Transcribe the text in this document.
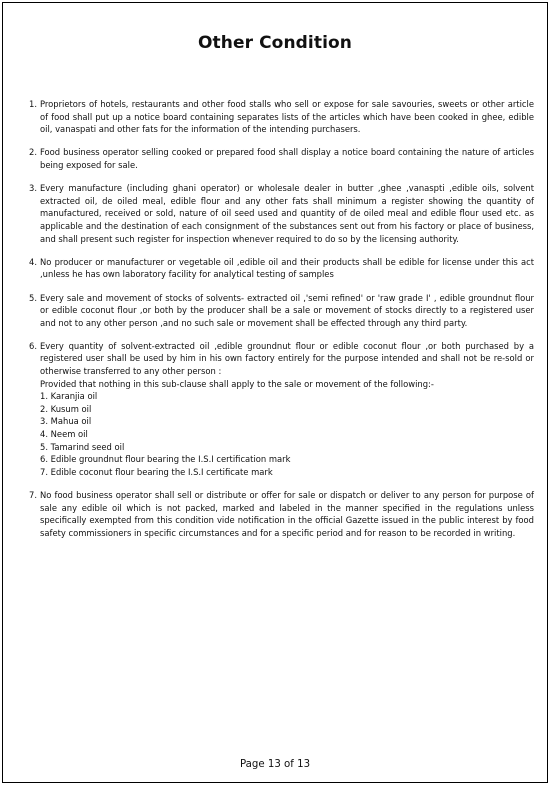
Other Condition
1. Proprietors of hotels, restaurants and other food stalls who sell or expose for sale savouries, sweets or other article of food shall put up a notice board containing separates lists of the articles which have been cooked in ghee, edible oil, vanaspati and other fats for the information of the intending purchasers.

2. Food business operator selling cooked or prepared food shall display a notice board containing the nature of articles being exposed for sale.

3. Every manufacture (including ghani operator) or wholesale dealer in butter ,ghee ,vanaspti ,edible oils, solvent extracted oil, de oiled meal, edible flour and any other fats shall minimum a register showing the quantity of manufactured, received or sold, nature of oil seed used and quantity of de oiled meal and edible flour used etc. as applicable and the destination of each consignment of the substances sent out from his factory or place of business, and shall present such register for inspection whenever required to do so by the licensing authority.

4. No producer or manufacturer or vegetable oil ,edible oil and their products shall be edible for license under this act ,unless he has own laboratory facility for analytical testing of samples

5. Every sale and movement of stocks of solvents- extracted oil ,'semi refined' or 'raw grade I' , edible groundnut flour or edible coconut flour ,or both by the producer shall be a sale or movement of stocks directly to a registered user and not to any other person ,and no such sale or movement shall be effected through any third party.

6. Every quantity of solvent-extracted oil ,edible groundnut flour or edible coconut flour ,or both purchased by a registered user shall be used by him in his own factory entirely for the purpose intended and shall not be re-sold or otherwise transferred to any other person :

Provided that nothing in this sub-clause shall apply to the sale or movement of the following:-

1. Karanjia oil
2. Kusum oil
3. Mahua oil
4. Neem oil
5. Tamarind seed oil
6. Edible groundnut flour bearing the I.S.I certification mark
7. Edible coconut flour bearing the I.S.I certificate mark
7. No food business operator shall sell or distribute or offer for sale or dispatch or deliver to any person for purpose of sale any edible oil which is not packed, marked and labeled in the manner specified in the regulations unless specifically exempted from this condition vide notification in the official Gazette issued in the public interest by food safety commissioners in specific circumstances and for a specific period and for reason to be recorded in writing.

Page 13 of 13
